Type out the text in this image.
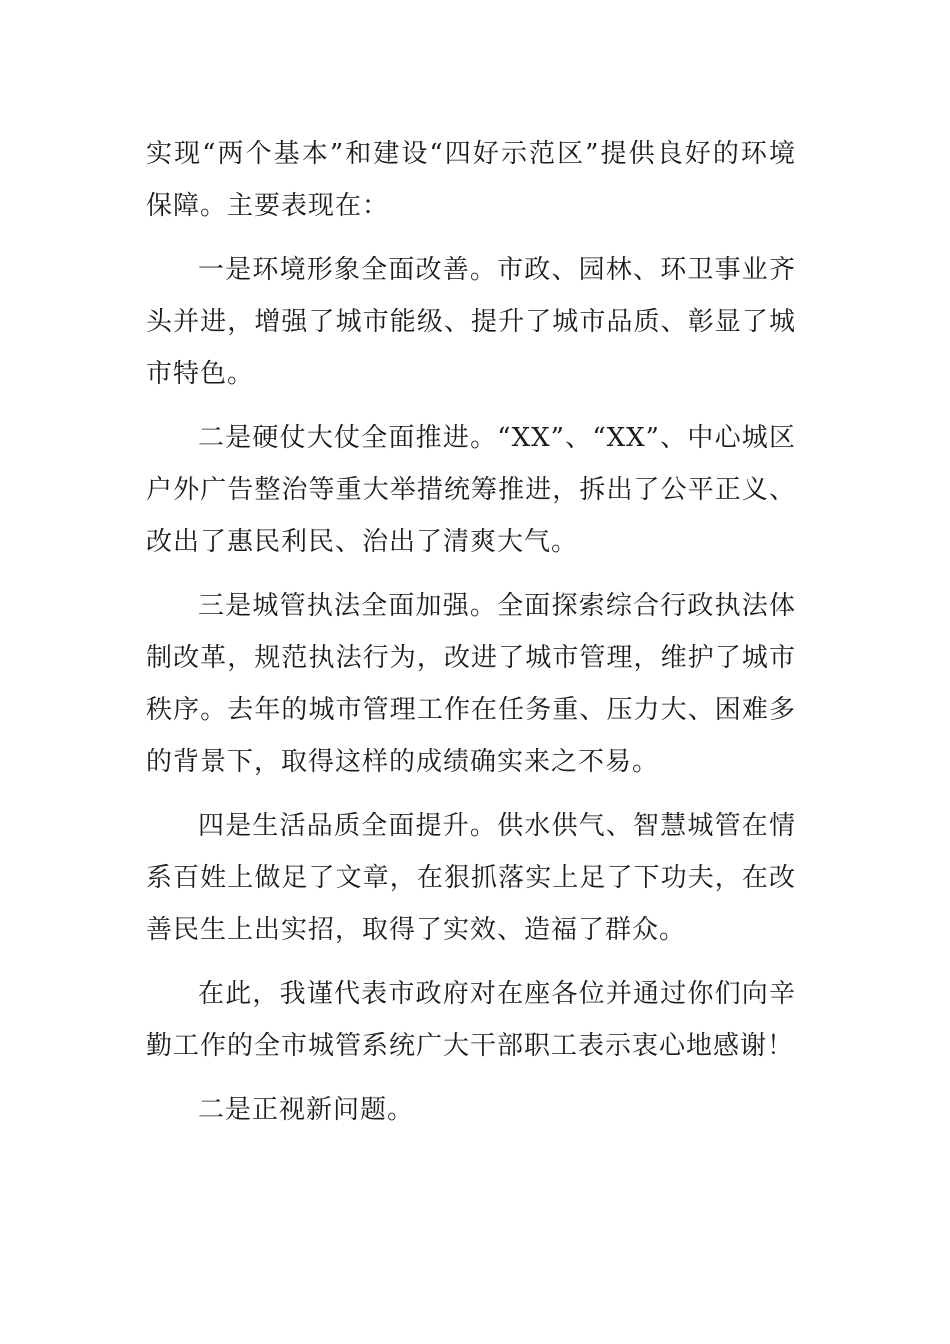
实现“两个基本”和建设“四好示范区”提供良好的环境保障。主要表现在：

一是环境形象全面改善。市政、园林、环卫事业齐头并进，增强了城市能级、提升了城市品质、彰显了城市特色。

二是硬仗大仗全面推进。“XX”、“XX”、中心城区户外广告整治等重大举措统筹推进，拆出了公平正义、改出了惠民利民、治出了清爽大气。

三是城管执法全面加强。全面探索综合行政执法体制改革，规范执法行为，改进了城市管理，维护了城市秩序。去年的城市管理工作在任务重、压力大、困难多的背景下，取得这样的成绩确实来之不易。

四是生活品质全面提升。供水供气、智慧城管在情系百姓上做足了文章，在狠抓落实上足了下功夫，在改善民生上出实招，取得了实效、造福了群众。

在此，我谨代表市政府对在座各位并通过你们向辛勤工作的全市城管系统广大干部职工表示衷心地感谢！

二是正视新问题。
